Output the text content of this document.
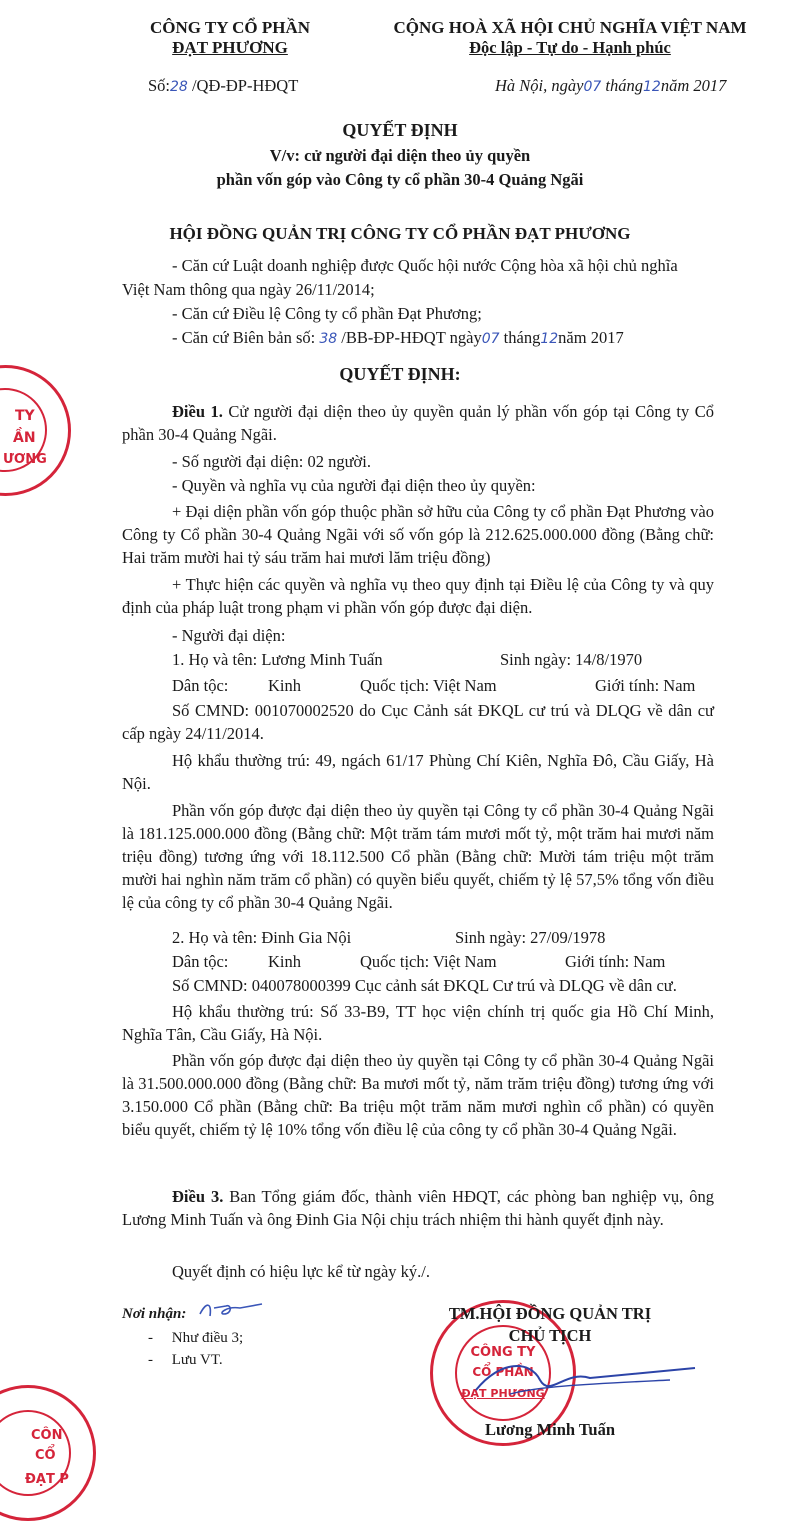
TY
ẦN
ƯƠNG
CÔN
CỔ
ĐẠT P
CÔNG TY
CỔ PHẦN
ĐẠT PHƯƠNG
CÔNG TY CỔ PHẦN
ĐẠT PHƯƠNG
CỘNG HOÀ XÃ HỘI CHỦ NGHĨA VIỆT NAM
Độc lập - Tự do - Hạnh phúc
Số:28 /QĐ-ĐP-HĐQT	Hà Nội, ngày07 tháng12năm 2017
QUYẾT ĐỊNH
V/v: cử người đại diện theo ủy quyền
phần vốn góp vào Công ty cổ phần 30-4 Quảng Ngãi
HỘI ĐỒNG QUẢN TRỊ CÔNG TY CỔ PHẦN ĐẠT PHƯƠNG
- Căn cứ Luật doanh nghiệp được Quốc hội nước Cộng hòa xã hội chủ nghĩa
Việt Nam thông qua ngày 26/11/2014;
- Căn cứ Điều lệ Công ty cổ phần Đạt Phương;
- Căn cứ Biên bản số: 38 /BB-ĐP-HĐQT ngày07 tháng12năm 2017
QUYẾT ĐỊNH:
Điều 1. Cử người đại diện theo ủy quyền quản lý phần vốn góp tại Công ty Cổ phần 30-4 Quảng Ngãi.
- Số người đại diện: 02 người.
- Quyền và nghĩa vụ của người đại diện theo ủy quyền:
+ Đại diện phần vốn góp thuộc phần sở hữu của Công ty cổ phần Đạt Phương vào Công ty Cổ phần 30-4 Quảng Ngãi với số vốn góp là 212.625.000.000 đồng (Bằng chữ: Hai trăm mười hai tỷ sáu trăm hai mươi lăm triệu đồng)
+ Thực hiện các quyền và nghĩa vụ theo quy định tại Điều lệ của Công ty và quy định của pháp luật trong phạm vi phần vốn góp được đại diện.
- Người đại diện:
1. Họ và tên: Lương Minh Tuấn	Sinh ngày: 14/8/1970
Dân tộc: Kinh	Quốc tịch: Việt Nam	Giới tính: Nam
Số CMND: 001070002520 do Cục Cảnh sát ĐKQL cư trú và DLQG về dân cư cấp ngày 24/11/2014.
Hộ khẩu thường trú: 49, ngách 61/17 Phùng Chí Kiên, Nghĩa Đô, Cầu Giấy, Hà Nội.
Phần vốn góp được đại diện theo ủy quyền tại Công ty cổ phần 30-4 Quảng Ngãi là 181.125.000.000 đồng (Bằng chữ: Một trăm tám mươi mốt tỷ, một trăm hai mươi năm triệu đồng) tương ứng với 18.112.500 Cổ phần (Bằng chữ: Mười tám triệu một trăm mười hai nghìn năm trăm cổ phần) có quyền biểu quyết, chiếm tỷ lệ 57,5% tổng vốn điều lệ của công ty cổ phần 30-4 Quảng Ngãi.
2. Họ và tên: Đinh Gia Nội	Sinh ngày: 27/09/1978
Dân tộc: Kinh	Quốc tịch: Việt Nam	Giới tính: Nam
Số CMND: 040078000399 Cục cảnh sát ĐKQL Cư trú và DLQG về dân cư.
Hộ khẩu thường trú: Số 33-B9, TT học viện chính trị quốc gia Hồ Chí Minh, Nghĩa Tân, Cầu Giấy, Hà Nội.
Phần vốn góp được đại diện theo ủy quyền tại Công ty cổ phần 30-4 Quảng Ngãi là 31.500.000.000 đồng (Bằng chữ: Ba mươi mốt tỷ, năm trăm triệu đồng) tương ứng với 3.150.000 Cổ phần (Bằng chữ: Ba triệu một trăm năm mươi nghìn cổ phần) có quyền biểu quyết, chiếm tỷ lệ 10% tổng vốn điều lệ của công ty cổ phần 30-4 Quảng Ngãi.
Điều 3. Ban Tổng giám đốc, thành viên HĐQT, các phòng ban nghiệp vụ, ông Lương Minh Tuấn và ông Đinh Gia Nội chịu trách nhiệm thi hành quyết định này.
Quyết định có hiệu lực kể từ ngày ký./.
Nơi nhận:
-     Như điều 3;
-     Lưu VT.
TM.HỘI ĐỒNG QUẢN TRỊ
CHỦ TỊCH
Lương Minh Tuấn
